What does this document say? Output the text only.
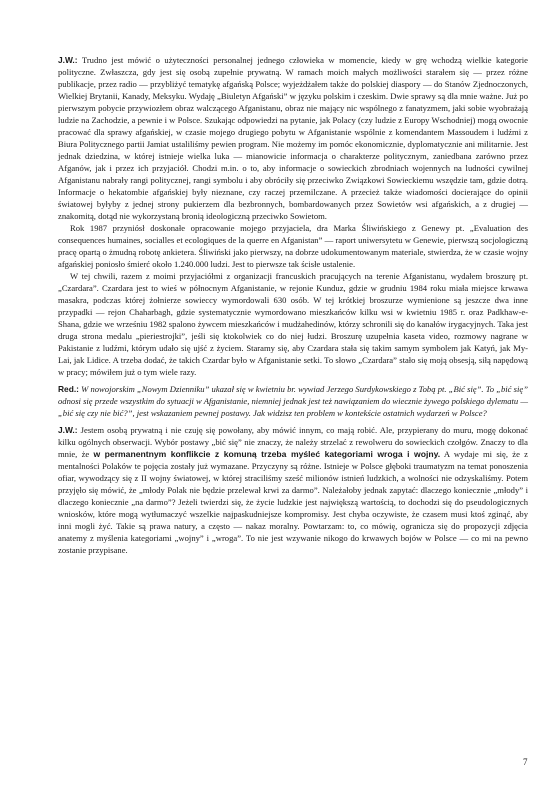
J.W.: Trudno jest mówić o użyteczności personalnej jednego człowieka w momencie, kiedy w grę wchodzą wielkie kategorie polityczne. Zwłaszcza, gdy jest się osobą zupełnie prywatną. W ramach moich małych możliwości starałem się — przez różne publikacje, przez radio — przybliżyć tematykę afgańską Polsce; wyjeżdżałem także do polskiej diaspory — do Stanów Zjednoczonych, Wielkiej Brytanii, Kanady, Meksyku. Wydaję „Biuletyn Afgański” w języku polskim i czeskim. Dwie sprawy są dla mnie ważne. Już po pierwszym pobycie przywiozłem obraz walczącego Afganistanu, obraz nie mający nic wspólnego z fanatyzmem, jaki sobie wyobrażają ludzie na Zachodzie, a pewnie i w Polsce. Szukając odpowiedzi na pytanie, jak Polacy (czy ludzie z Europy Wschodniej) mogą owocnie pracować dla sprawy afgańskiej, w czasie mojego drugiego pobytu w Afganistanie wspólnie z komendantem Massoudem i ludźmi z Biura Politycznego partii Jamiat ustaliliśmy pewien program. Nie możemy im pomóc ekonomicznie, dyplomatycznie ani militarnie. Jest jednak dziedzina, w której istnieje wielka luka — mianowicie informacja o charakterze politycznym, zaniedbana zarówno przez Afganów, jak i przez ich przyjaciół. Chodzi m.in. o to, aby informacje o sowieckich zbrodniach wojennych na ludności cywilnej Afganistanu nabrały rangi politycznej, rangi symbolu i aby obróciły się przeciwko Związkowi Sowieckiemu wszędzie tam, gdzie dotrą. Informacje o hekatombie afgańskiej były nieznane, czy raczej przemilczane. A przecież także wiadomości docierające do opinii światowej byłyby z jednej strony pukierzem dla bezbronnych, bombardowanych przez Sowietów wsi afgańskich, a z drugiej — znakomitą, dotąd nie wykorzystaną bronią ideologiczną przeciwko Sowietom.

Rok 1987 przyniósł doskonałe opracowanie mojego przyjaciela, dra Marka Śliwińskiego z Genewy pt. „Evaluation des consequences humaines, socialles et ecologiques de la querre en Afganistan” — raport uniwersytetu w Genewie, pierwszą socjologiczną pracę opartą o żmudną robotę ankietera. Śliwiński jako pierwszy, na dobrze udokumentowanym materiale, stwierdza, że w czasie wojny afgańskiej poniosło śmierć około 1.240.000 ludzi. Jest to pierwsze tak ścisłe ustalenie.

W tej chwili, razem z moimi przyjaciółmi z organizacji francuskich pracujących na terenie Afganistanu, wydałem broszurę pt. „Czardara”. Czardara jest to wieś w północnym Afganistanie, w rejonie Kunduz, gdzie w grudniu 1984 roku miała miejsce krwawa masakra, podczas której żołnierze sowieccy wymordowali 630 osób. W tej krótkiej broszurze wymienione są jeszcze dwa inne przypadki — rejon Chaharbagh, gdzie systematycznie wymordowano mieszkańców kilku wsi w kwietniu 1985 r. oraz Padkhaw-e-Shana, gdzie we wrześniu 1982 spalono żywcem mieszkańców i mudżahedinów, którzy schronili się do kanałów irygacyjnych. Taka jest druga strona medalu „pieriestrojki”, jeśli się ktokolwiek co do niej łudzi. Broszurę uzupełnia kaseta video, rozmowy nagrane w Pakistanie z ludźmi, którym udało się ujść z życiem. Staramy się, aby Czardara stała się takim samym symbolem jak Katyń, jak My-Lai, jak Lidice. A trzeba dodać, że takich Czardar było w Afganistanie setki. To słowo „Czardara” stało się moją obsesją, siłą napędową w pracy; mówiłem już o tym wiele razy.

Red.: W nowojorskim „Nowym Dzienniku” ukazał się w kwietniu br. wywiad Jerzego Surdykowskiego z Tobą pt. „Bić się”. To „bić się” odnosi się przede wszystkim do sytuacji w Afganistanie, niemniej jednak jest też nawiązaniem do wiecznie żywego polskiego dylematu — „bić się czy nie bić?”, jest wskazaniem pewnej postawy. Jak widzisz ten problem w kontekście ostatnich wydarzeń w Polsce?

J.W.: Jestem osobą prywatną i nie czuję się powołany, aby mówić innym, co mają robić. Ale, przypierany do muru, mogę dokonać kilku ogólnych obserwacji. Wybór postawy „bić się” nie znaczy, że należy strzelać z rewolweru do sowieckich czołgów. Znaczy to dla mnie, że w permanentnym konflikcie z komuną trzeba myśleć kategoriami wroga i wojny. A wydaje mi się, że z mentalności Polaków te pojęcia zostały już wymazane. Przyczyny są różne. Istnieje w Polsce głęboki traumatyzm na temat ponoszenia ofiar, wywodzący się z II wojny światowej, w której straciliśmy sześć milionów istnień ludzkich, a wolności nie odzyskaliśmy. Potem przyjęło się mówić, że „młody Polak nie będzie przelewał krwi za darmo”. Należałoby jednak zapytać: dlaczego koniecznie „młody” i dlaczego koniecznie „na darmo”? Jeżeli twierdzi się, że życie ludzkie jest największą wartością, to dochodzi się do pseudologicznych wniosków, które mogą wytłumaczyć wszelkie najpaskudniejsze kompromisy. Jest chyba oczywiste, że czasem musi ktoś zginąć, aby inni mogli żyć. Takie są prawa natury, a często — nakaz moralny. Powtarzam: to, co mówię, ogranicza się do propozycji zdjęcia anatemy z myślenia kategoriami „wojny” i „wroga”. To nie jest wzywanie nikogo do krwawych bojów w Polsce — co mi na pewno zostanie przypisane.

7
